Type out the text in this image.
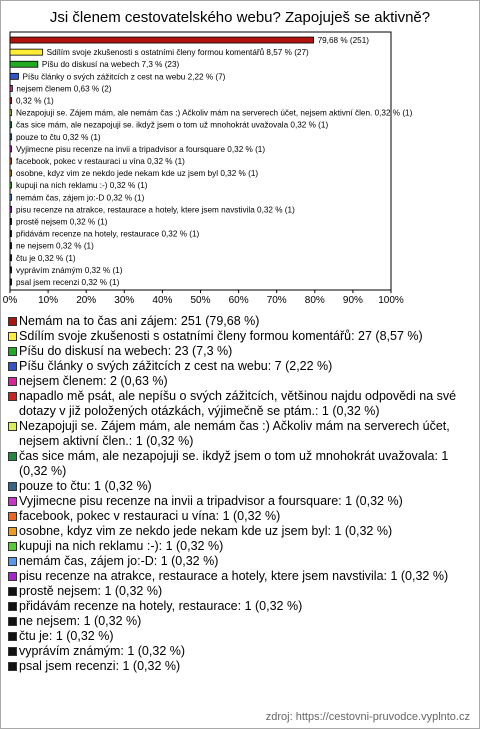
Jsi členem cestovatelského webu? Zapojuješ se aktivně?
79,68 % (251)
Sdílím svoje zkušenosti s ostatními členy formou komentářů 8,57 % (27)
Píšu do diskusí na webech 7,3 % (23)
Píšu články o svých zážitcích z cest na webu 2,22 % (7)
nejsem členem 0,63 % (2)
0,32 % (1)
Nezapojuji se. Zájem mám, ale nemám čas :) Ačkoliv mám na serverech účet, nejsem aktivní člen. 0,32 % (1)
čas sice mám, ale nezapojuji se. ikdyž jsem o tom už mnohokrát uvažovala 0,32 % (1)
pouze to čtu 0,32 % (1)
Vyjimecne pisu recenze na invii a tripadvisor a foursquare 0,32 % (1)
facebook, pokec v restauraci u vína 0,32 % (1)
osobne, kdyz vim ze nekdo jede nekam kde uz jsem byl 0,32 % (1)
kupuji na nich reklamu :-) 0,32 % (1)
nemám čas, zájem jo:-D 0,32 % (1)
pisu recenze na atrakce, restaurace a hotely, ktere jsem navstivila 0,32 % (1)
prostě nejsem 0,32 % (1)
přidávám recenze na hotely, restaurace 0,32 % (1)
ne nejsem 0,32 % (1)
čtu je 0,32 % (1)
vyprávím známým 0,32 % (1)
psal jsem recenzi 0,32 % (1)
0% 10% 20% 30% 40% 50% 60% 70% 80% 90% 100%
Nemám na to čas ani zájem: 251 (79,68 %)
Sdílím svoje zkušenosti s ostatními členy formou komentářů: 27 (8,57 %)
Píšu do diskusí na webech: 23 (7,3 %)
Píšu články o svých zážitcích z cest na webu: 7 (2,22 %)
nejsem členem: 2 (0,63 %)
napadlo mě psát, ale nepíšu o svých zážitcích, většinou najdu odpovědi na své dotazy v již položených otázkách, výjimečně se ptám.: 1 (0,32 %)
Nezapojuji se. Zájem mám, ale nemám čas :) Ačkoliv mám na serverech účet, nejsem aktivní člen.: 1 (0,32 %)
čas sice mám, ale nezapojuji se. ikdyž jsem o tom už mnohokrát uvažovala: 1 (0,32 %)
pouze to čtu: 1 (0,32 %)
Vyjimecne pisu recenze na invii a tripadvisor a foursquare: 1 (0,32 %)
facebook, pokec v restauraci u vína: 1 (0,32 %)
osobne, kdyz vim ze nekdo jede nekam kde uz jsem byl: 1 (0,32 %)
kupuji na nich reklamu :-): 1 (0,32 %)
nemám čas, zájem jo:-D: 1 (0,32 %)
pisu recenze na atrakce, restaurace a hotely, ktere jsem navstivila: 1 (0,32 %)
prostě nejsem: 1 (0,32 %)
přidávám recenze na hotely, restaurace: 1 (0,32 %)
ne nejsem: 1 (0,32 %)
čtu je: 1 (0,32 %)
vyprávím známým: 1 (0,32 %)
psal jsem recenzi: 1 (0,32 %)
zdroj: https://cestovni-pruvodce.vyplnto.cz
